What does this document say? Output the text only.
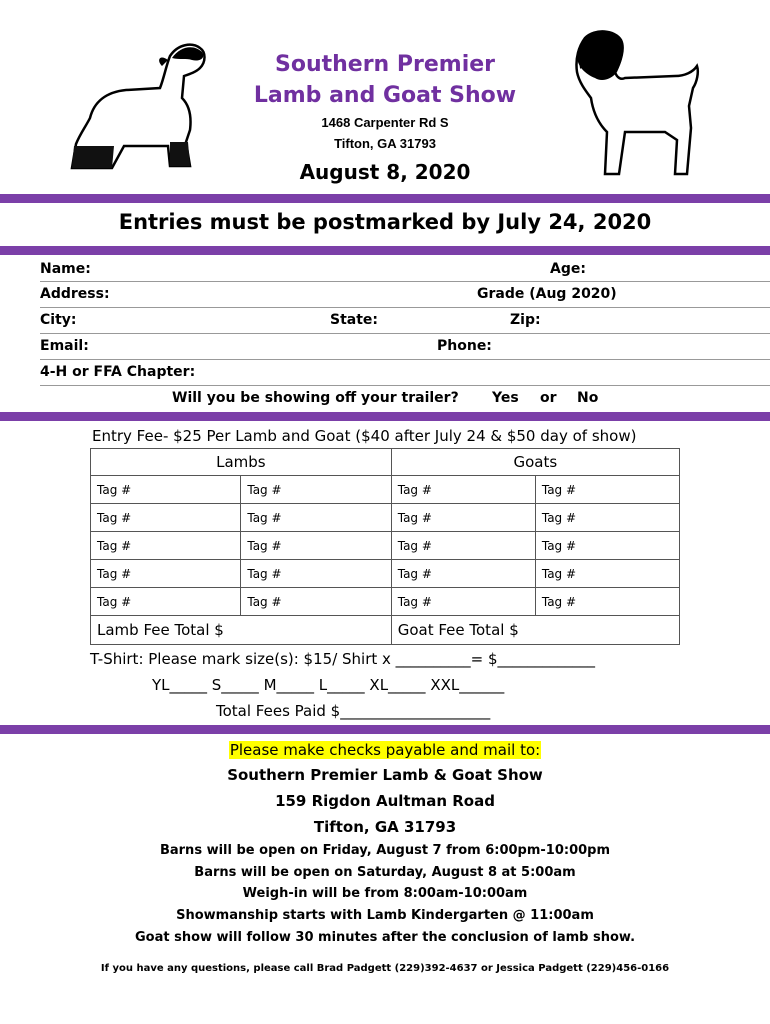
Southern Premier
Lamb and Goat Show
1468 Carpenter Rd S
Tifton, GA 31793
August 8, 2020
Entries must be postmarked by July 24, 2020
Name:	Age:
Address:	Grade (Aug 2020)
City:	State:	Zip:
Email:	Phone:
4-H or FFA Chapter:
Will you be showing off your trailer? Yes or No
Entry Fee- $25 Per Lamb and Goat ($40 after July 24 & $50 day of show)
Lambs		Goats	
Tag #	Tag #	Tag #	Tag #
Tag #	Tag #	Tag #	Tag #
Tag #	Tag #	Tag #	Tag #
Tag #	Tag #	Tag #	Tag #
Tag #	Tag #	Tag #	Tag #
Lamb Fee Total $		Goat Fee Total $	
T-Shirt: Please mark size(s): $15/ Shirt x __________= $_____________
YL_____ S_____ M_____ L_____ XL_____ XXL______
Total Fees Paid $____________________
Please make checks payable and mail to:
Southern Premier Lamb & Goat Show
159 Rigdon Aultman Road
Tifton, GA 31793
Barns will be open on Friday, August 7 from 6:00pm-10:00pm
Barns will be open on Saturday, August 8 at 5:00am
Weigh-in will be from 8:00am-10:00am
Showmanship starts with Lamb Kindergarten @ 11:00am
Goat show will follow 30 minutes after the conclusion of lamb show.
If you have any questions, please call Brad Padgett (229)392-4637 or Jessica Padgett (229)456-0166
